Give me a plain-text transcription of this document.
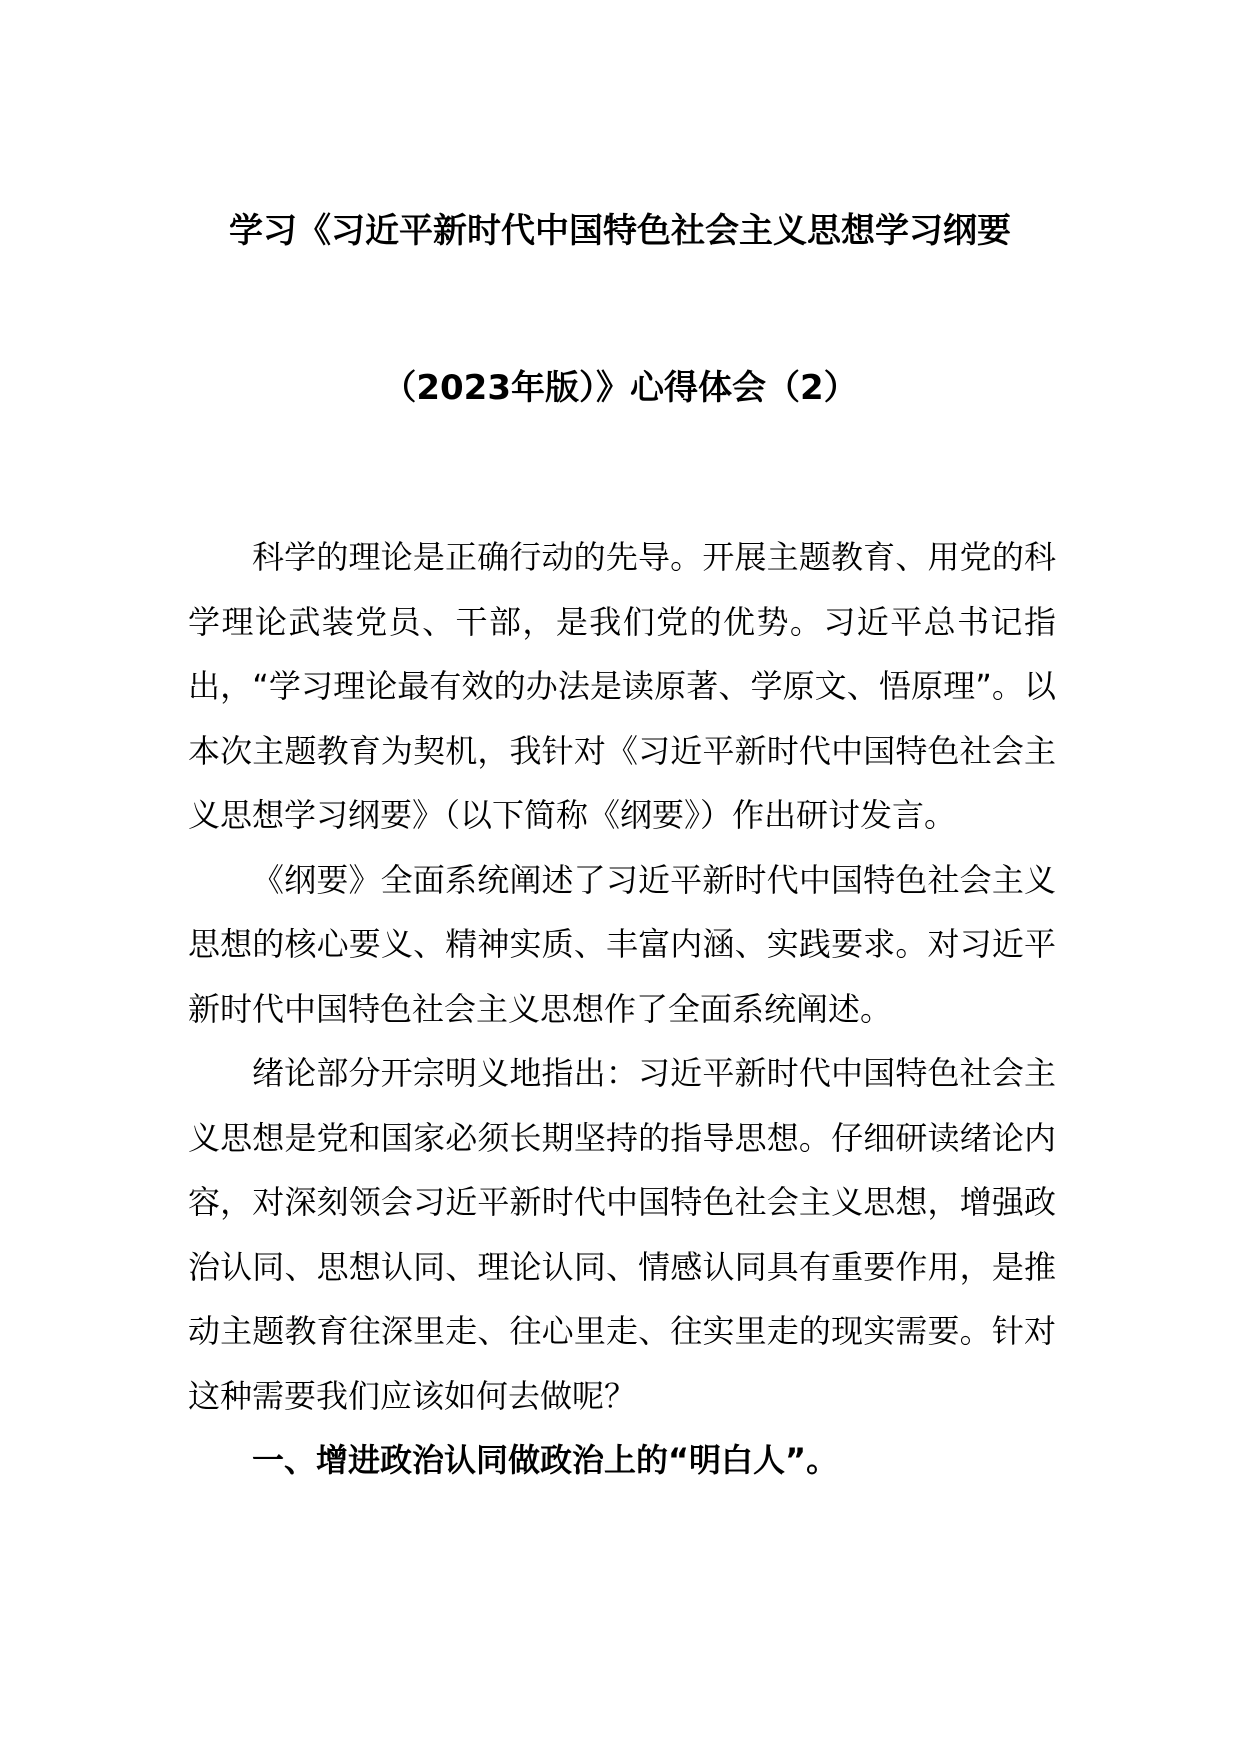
学习《习近平新时代中国特色社会主义思想学习纲要
（2023年版）》心得体会（2）

科学的理论是正确行动的先导。开展主题教育、用党的科学理论武装党员、干部，是我们党的优势。习近平总书记指出，“学习理论最有效的办法是读原著、学原文、悟原理”。以本次主题教育为契机，我针对《习近平新时代中国特色社会主义思想学习纲要》（以下简称《纲要》）作出研讨发言。

《纲要》全面系统阐述了习近平新时代中国特色社会主义思想的核心要义、精神实质、丰富内涵、实践要求。对习近平新时代中国特色社会主义思想作了全面系统阐述。

绪论部分开宗明义地指出：习近平新时代中国特色社会主义思想是党和国家必须长期坚持的指导思想。仔细研读绪论内容，对深刻领会习近平新时代中国特色社会主义思想，增强政治认同、思想认同、理论认同、情感认同具有重要作用，是推动主题教育往深里走、往心里走、往实里走的现实需要。针对这种需要我们应该如何去做呢？

一、增进政治认同做政治上的“明白人”。
